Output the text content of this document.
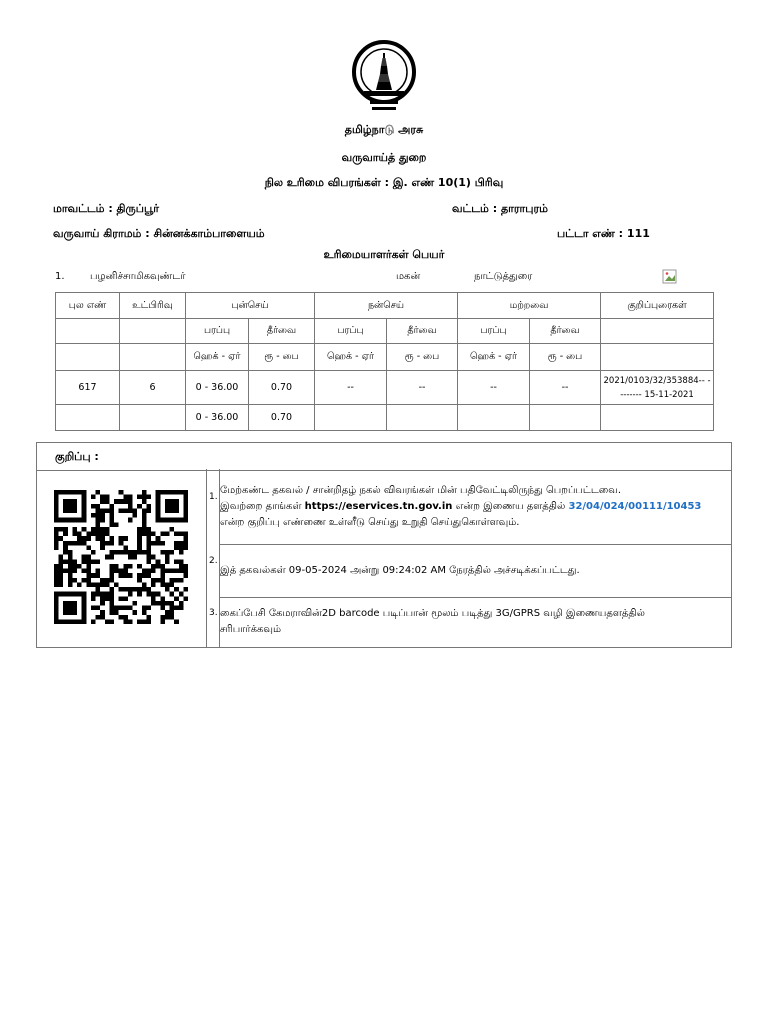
தமிழ்நாடு அரசு
வருவாய்த் துறை
நில உரிமை விபரங்கள் : இ. எண் 10(1) பிரிவு
மாவட்டம் : திருப்பூர்	வட்டம் : தாராபுரம்
வருவாய் கிராமம் : சின்னக்காம்பாளையம்	பட்டா எண் : 111
உரிமையாளர்கள் பெயர்
1.	பழனிச்சாமிகவுண்டர்	மகன்	நாட்டுத்துரை
புல எண்	உட்பிரிவு	புன்செய்		நன்செய்		மற்றவை		குறிப்புரைகள்
		பரப்பு	தீர்வை	பரப்பு	தீர்வை	பரப்பு	தீர்வை	
		ஹெக் - ஏர்	ரூ - பை	ஹெக் - ஏர்	ரூ - பை	ஹெக் - ஏர்	ரூ - பை	
617	6	0 - 36.00	0.70	--	--	--	--	2021/0103/32/353884-- -------- 15-11-2021
		0 - 36.00	0.70					
குறிப்பு :
1.
மேற்கண்ட தகவல் / சான்றிதழ் நகல் விவரங்கள் மின் பதிவேட்டிலிருந்து பெறப்பட்டவை.
இவற்றை தாங்கள் https://eservices.tn.gov.in என்ற இணைய தளத்தில் 32/04/024/00111/10453
என்ற குறிப்பு எண்ணை உள்ளீடு செய்து உறுதி செய்துகொள்ளவும்.
2.
இத் தகவல்கள் 09-05-2024 அன்று 09:24:02 AM நேரத்தில் அச்சடிக்கப்பட்டது.
3. கைப்பேசி கேமராவின்2D barcode படிப்பான் மூலம் படித்து 3G/GPRS வழி இணையதளத்தில்
சரிபார்க்கவும்
